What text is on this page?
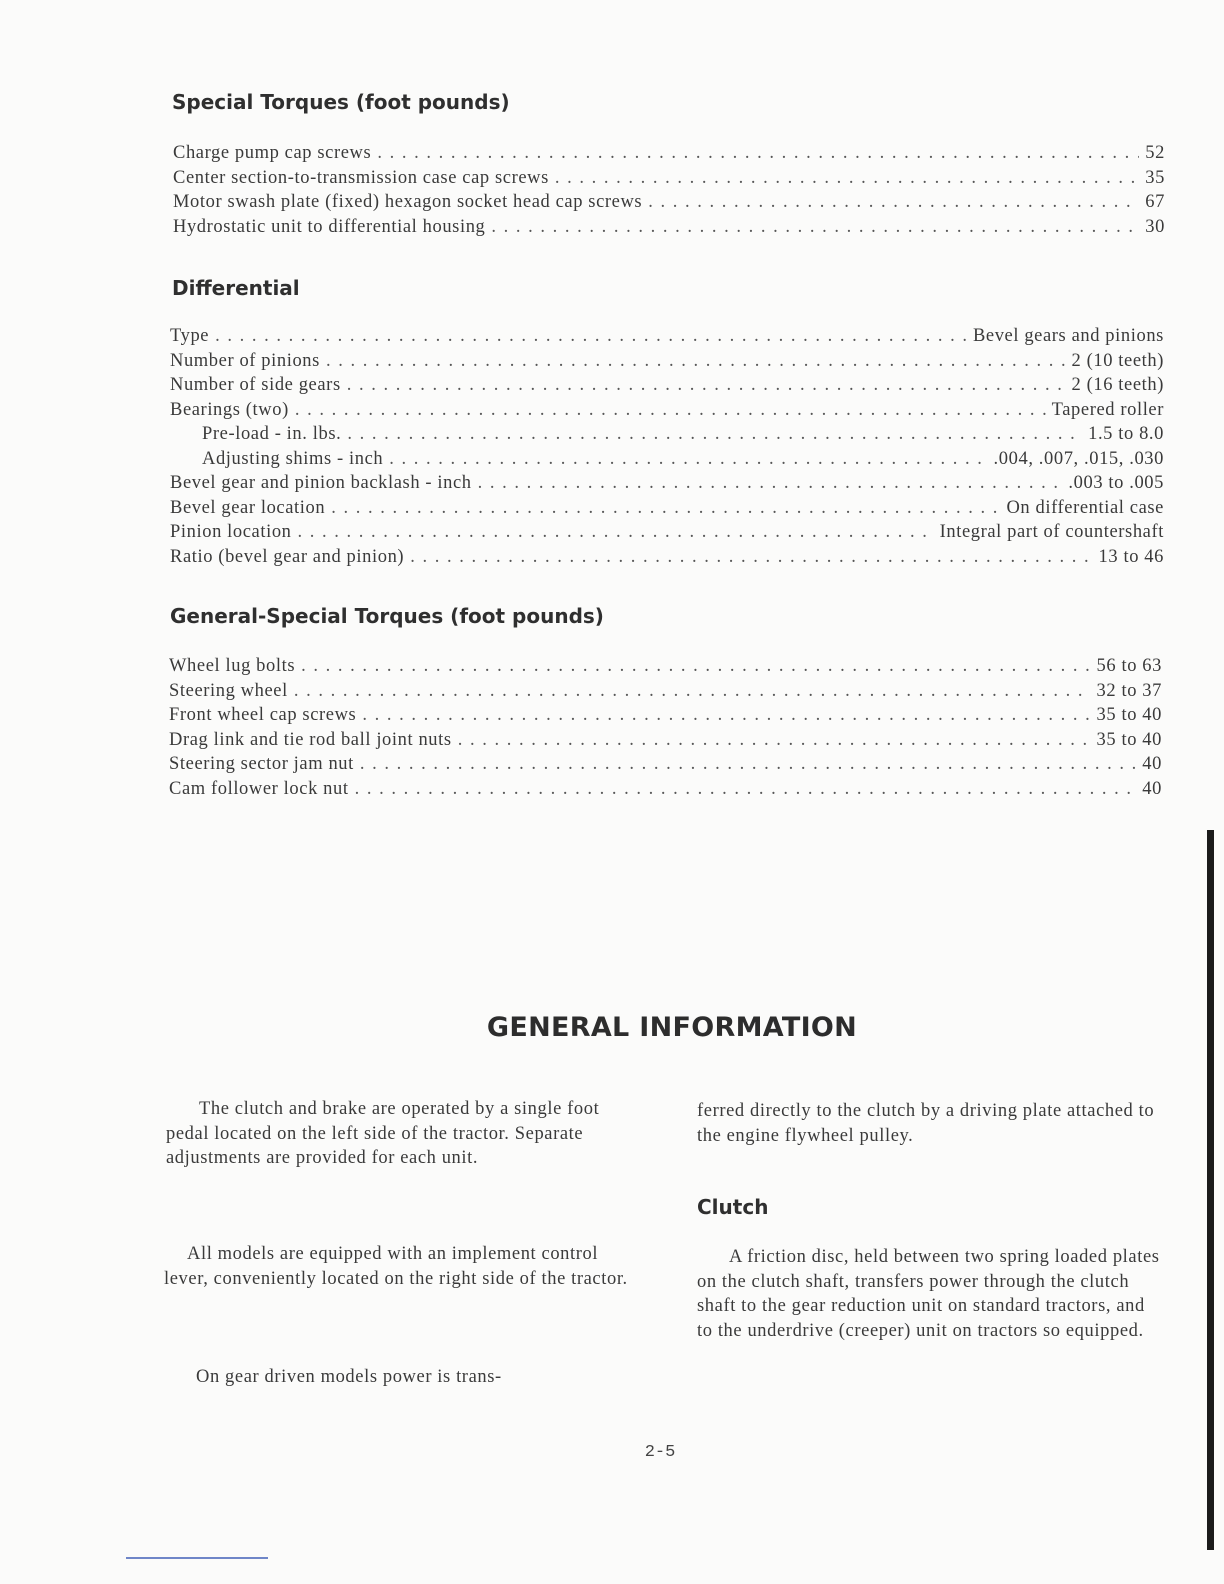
Special Torques (foot pounds)
Charge pump cap screws . . .	52
Center section-to-transmission case cap screws . . .	35
Motor swash plate (fixed) hexagon socket head cap screws . . .	67
Hydrostatic unit to differential housing . . .	30
Differential
Type . . .	Bevel gears and pinions
Number of pinions . . .	2 (10 teeth)
Number of side gears . . .	2 (16 teeth)
Bearings (two) . . .	Tapered roller
Pre-load - in. lbs. . . .	1.5 to 8.0
Adjusting shims - inch . . .	.004, .007, .015, .030
Bevel gear and pinion backlash - inch . . .	.003 to .005
Bevel gear location . . .	On differential case
Pinion location . . .	Integral part of countershaft
Ratio (bevel gear and pinion) . . .	13 to 46
General-Special Torques (foot pounds)
Wheel lug bolts . . .	56 to 63
Steering wheel . . .	32 to 37
Front wheel cap screws . . .	35 to 40
Drag link and tie rod ball joint nuts . . .	35 to 40
Steering sector jam nut . . .	40
Cam follower lock nut . . .	40
GENERAL INFORMATION

The clutch and brake are operated by a single foot pedal located on the left side of the tractor. Separate adjustments are provided for each unit.

All models are equipped with an implement control lever, conveniently located on the right side of the tractor.

On gear driven models power is trans-

ferred directly to the clutch by a driving plate attached to the engine flywheel pulley.

Clutch

A friction disc, held between two spring loaded plates on the clutch shaft, transfers power through the clutch shaft to the gear reduction unit on standard tractors, and to the underdrive (creeper) unit on tractors so equipped.

2-5
